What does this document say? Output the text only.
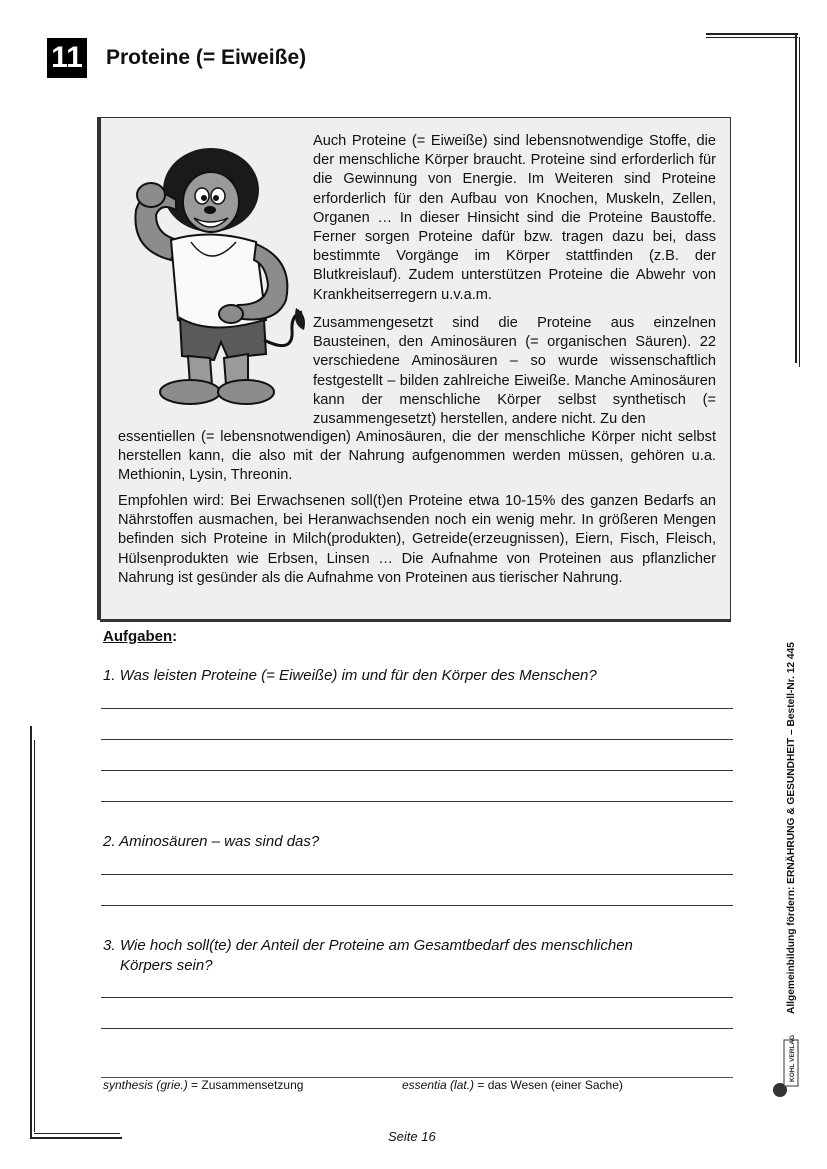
11 Proteine (= Eiweiße)

Auch Proteine (= Eiweiße) sind lebensnotwendige Stoffe, die der menschliche Körper braucht. Proteine sind erforderlich für die Gewinnung von Energie. Im Weiteren sind Proteine erforderlich für den Aufbau von Knochen, Muskeln, Zellen, Organen … In dieser Hinsicht sind die Proteine Baustoffe. Ferner sorgen Proteine dafür bzw. tragen dazu bei, dass bestimmte Vorgänge im Körper stattfinden (z.B. der Blutkreislauf). Zudem unterstützen Proteine die Abwehr von Krankheitserregern u.v.a.m.

Zusammengesetzt sind die Proteine aus einzelnen Bausteinen, den Aminosäuren (= organischen Säuren). 22 verschiedene Aminosäuren – so wurde wissenschaftlich festgestellt – bilden zahlreiche Eiweiße. Manche Aminosäuren kann der menschliche Körper selbst synthetisch (= zusammengesetzt) herstellen, andere nicht. Zu den

essentiellen (= lebensnotwendigen) Aminosäuren, die der menschliche Körper nicht selbst herstellen kann, die also mit der Nahrung aufgenommen werden müssen, gehören u.a. Methionin, Lysin, Threonin.

Empfohlen wird: Bei Erwachsenen soll(t)en Proteine etwa 10-15% des ganzen Bedarfs an Nährstoffen ausmachen, bei Heranwachsenden noch ein wenig mehr. In größeren Mengen befinden sich Proteine in Milch(produkten), Getreide(erzeugnissen), Eiern, Fisch, Fleisch, Hülsenprodukten wie Erbsen, Linsen … Die Aufnahme von Proteinen aus pflanzlicher Nahrung ist gesünder als die Aufnahme von Proteinen aus tierischer Nahrung.

Aufgaben:
1. Was leisten Proteine (= Eiweiße) im und für den Körper des Menschen?
2. Aminosäuren – was sind das?
3. Wie hoch soll(te) der Anteil der Proteine am Gesamtbedarf des menschlichen
Körpers sein?
synthesis (grie.) = Zusammensetzung	essentia (lat.) = das Wesen (einer Sache)
Seite 16
Allgemeinbildung fördern: ERNÄHRUNG & GESUNDHEIT – Bestell-Nr. 12 445
KOHL VERLAG
